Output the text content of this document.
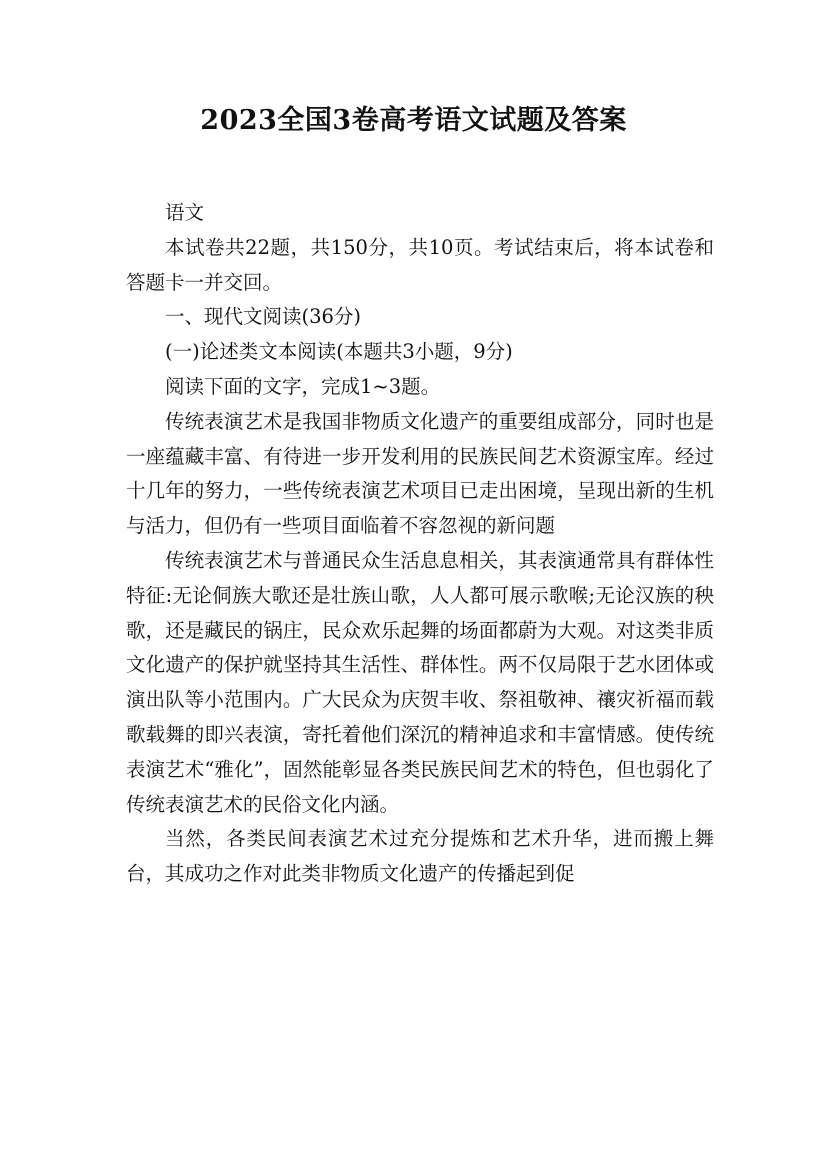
2023全国3卷高考语文试题及答案

语文

本试卷共22题，共150分，共10页。考试结束后，将本试卷和答题卡一并交回。

一、现代文阅读(36分)

(一)论述类文本阅读(本题共3小题，9分)

阅读下面的文字，完成1~3题。

传统表演艺术是我国非物质文化遗产的重要组成部分，同时也是一座蕴藏丰富、有待进一步开发利用的民族民间艺术资源宝库。经过十几年的努力，一些传统表演艺术项目已走出困境，呈现出新的生机与活力，但仍有一些项目面临着不容忽视的新问题

传统表演艺术与普通民众生活息息相关，其表演通常具有群体性特征:无论侗族大歌还是壮族山歌，人人都可展示歌喉;无论汉族的秧歌，还是藏民的锅庄，民众欢乐起舞的场面都蔚为大观。对这类非质文化遗产的保护就坚持其生活性、群体性。两不仅局限于艺水团体或演出队等小范围内。广大民众为庆贺丰收、祭祖敬神、禳灾祈福而载歌载舞的即兴表演，寄托着他们深沉的精神追求和丰富情感。使传统表演艺术“雅化”，固然能彰显各类民族民间艺术的特色，但也弱化了传统表演艺术的民俗文化内涵。

当然，各类民间表演艺术过充分提炼和艺术升华，进而搬上舞台，其成功之作对此类非物质文化遗产的传播起到促
